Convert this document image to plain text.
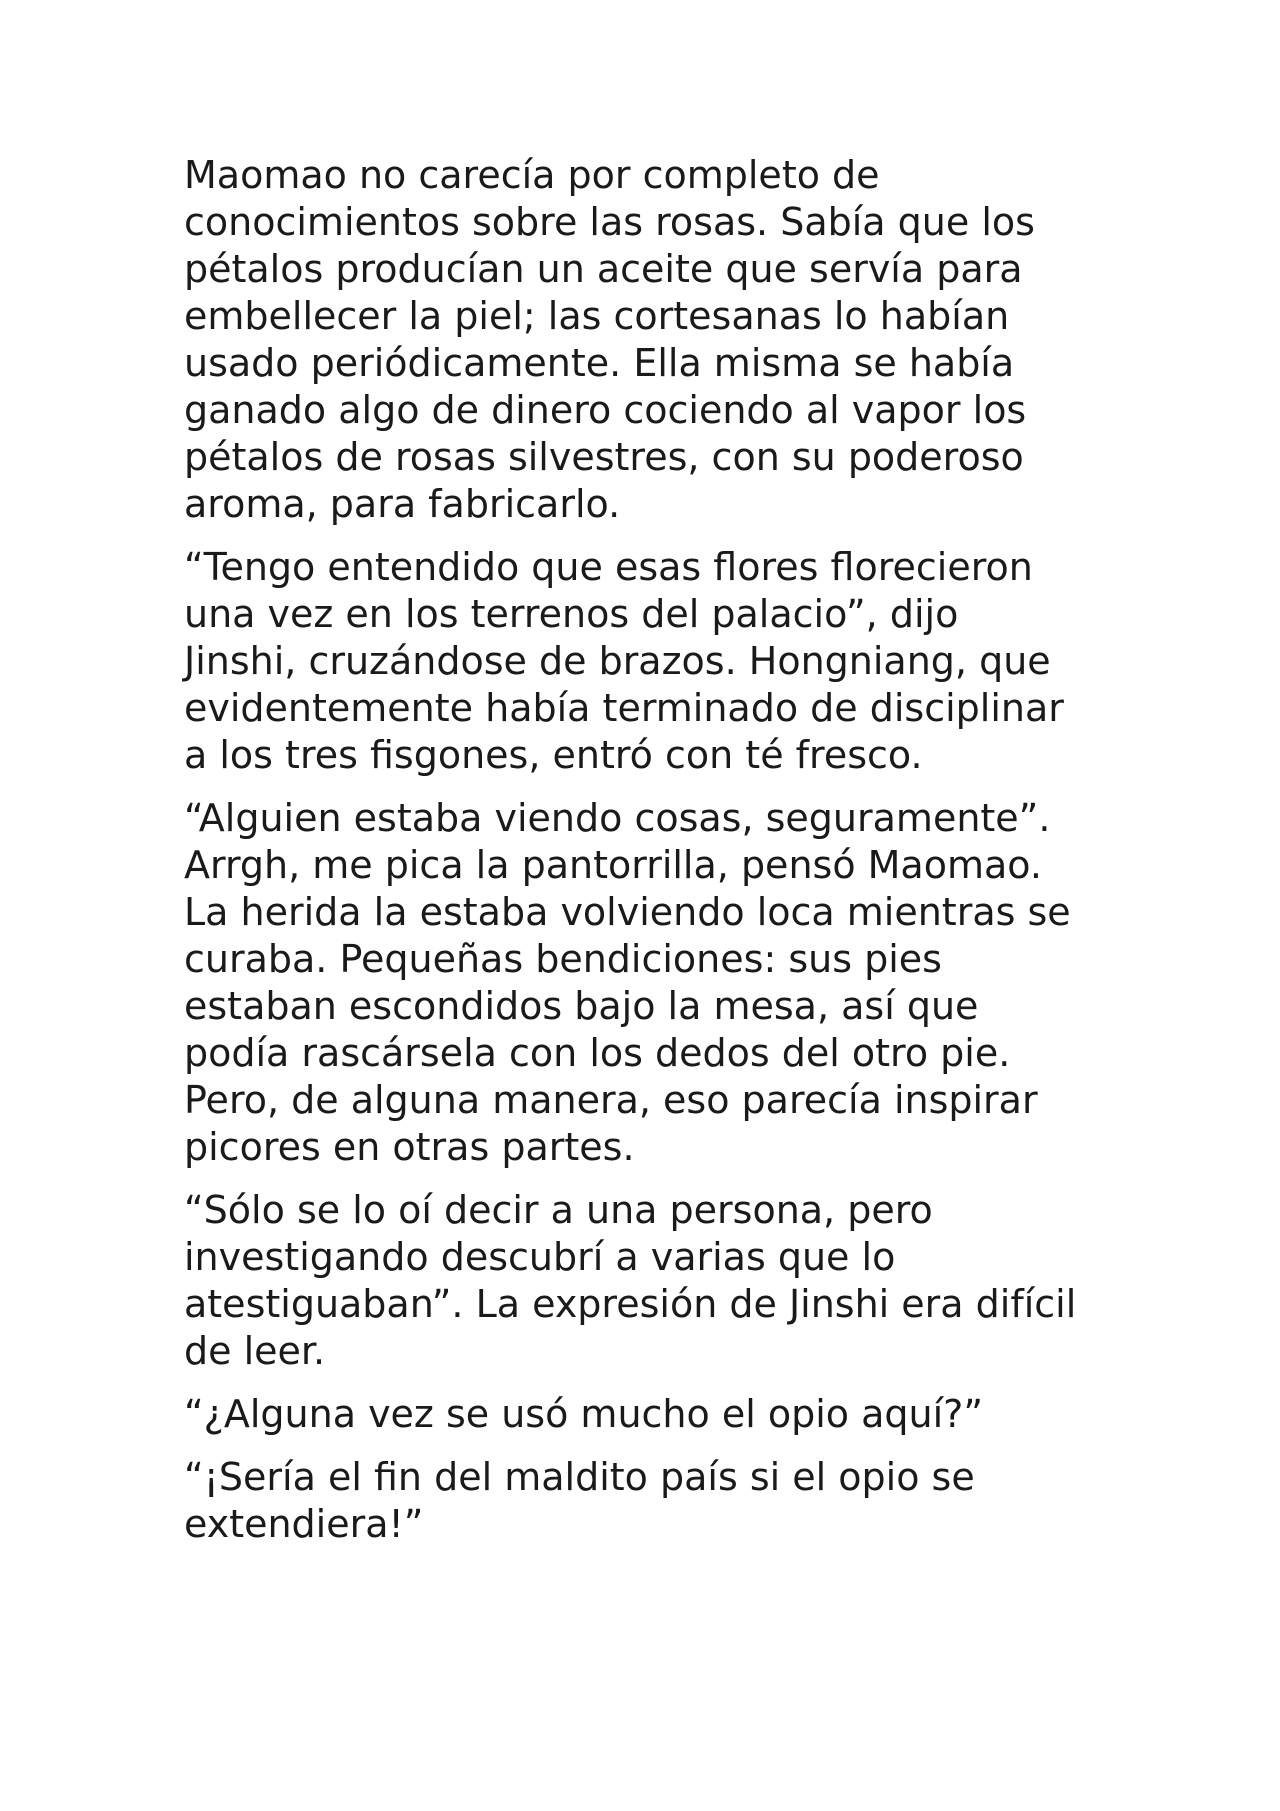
Maomao no carecía por completo de
conocimientos sobre las rosas. Sabía que los
pétalos producían un aceite que servía para
embellecer la piel; las cortesanas lo habían
usado periódicamente. Ella misma se había
ganado algo de dinero cociendo al vapor los
pétalos de rosas silvestres, con su poderoso
aroma, para fabricarlo.

“Tengo entendido que esas flores florecieron
una vez en los terrenos del palacio”, dijo
Jinshi, cruzándose de brazos. Hongniang, que
evidentemente había terminado de disciplinar
a los tres fisgones, entró con té fresco.

“Alguien estaba viendo cosas, seguramente”.
Arrgh, me pica la pantorrilla, pensó Maomao.
La herida la estaba volviendo loca mientras se
curaba. Pequeñas bendiciones: sus pies
estaban escondidos bajo la mesa, así que
podía rascársela con los dedos del otro pie.
Pero, de alguna manera, eso parecía inspirar
picores en otras partes.

“Sólo se lo oí decir a una persona, pero
investigando descubrí a varias que lo
atestiguaban”. La expresión de Jinshi era difícil
de leer.

“¿Alguna vez se usó mucho el opio aquí?”

“¡Sería el fin del maldito país si el opio se
extendiera!”
